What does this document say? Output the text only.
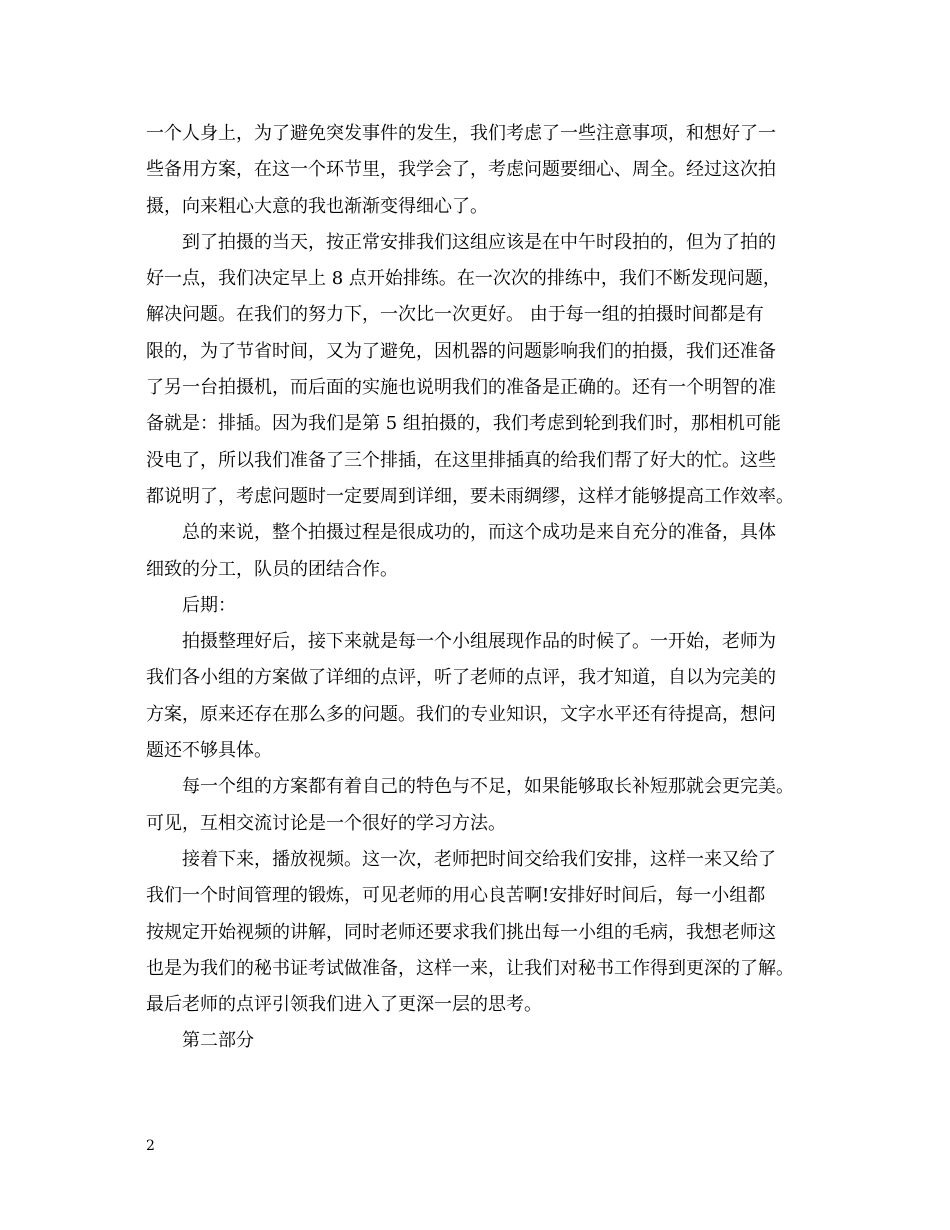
一个人身上，为了避免突发事件的发生，我们考虑了一些注意事项，和想好了一
些备用方案，在这一个环节里，我学会了，考虑问题要细心、周全。经过这次拍
摄，向来粗心大意的我也渐渐变得细心了。
到了拍摄的当天，按正常安排我们这组应该是在中午时段拍的，但为了拍的
好一点，我们决定早上 8 点开始排练。在一次次的排练中，我们不断发现问题，
解决问题。在我们的努力下，一次比一次更好。 由于每一组的拍摄时间都是有
限的，为了节省时间，又为了避免，因机器的问题影响我们的拍摄，我们还准备
了另一台拍摄机，而后面的实施也说明我们的准备是正确的。还有一个明智的准
备就是：排插。因为我们是第 5 组拍摄的，我们考虑到轮到我们时，那相机可能
没电了，所以我们准备了三个排插，在这里排插真的给我们帮了好大的忙。这些
都说明了，考虑问题时一定要周到详细，要未雨绸缪，这样才能够提高工作效率。
总的来说，整个拍摄过程是很成功的，而这个成功是来自充分的准备，具体
细致的分工，队员的团结合作。
后期：
拍摄整理好后，接下来就是每一个小组展现作品的时候了。一开始，老师为
我们各小组的方案做了详细的点评，听了老师的点评，我才知道，自以为完美的
方案，原来还存在那么多的问题。我们的专业知识，文字水平还有待提高，想问
题还不够具体。
每一个组的方案都有着自己的特色与不足，如果能够取长补短那就会更完美。
可见，互相交流讨论是一个很好的学习方法。
接着下来，播放视频。这一次，老师把时间交给我们安排，这样一来又给了
我们一个时间管理的锻炼，可见老师的用心良苦啊!安排好时间后，每一小组都
按规定开始视频的讲解，同时老师还要求我们挑出每一小组的毛病，我想老师这
也是为我们的秘书证考试做准备，这样一来，让我们对秘书工作得到更深的了解。
最后老师的点评引领我们进入了更深一层的思考。
第二部分
2
